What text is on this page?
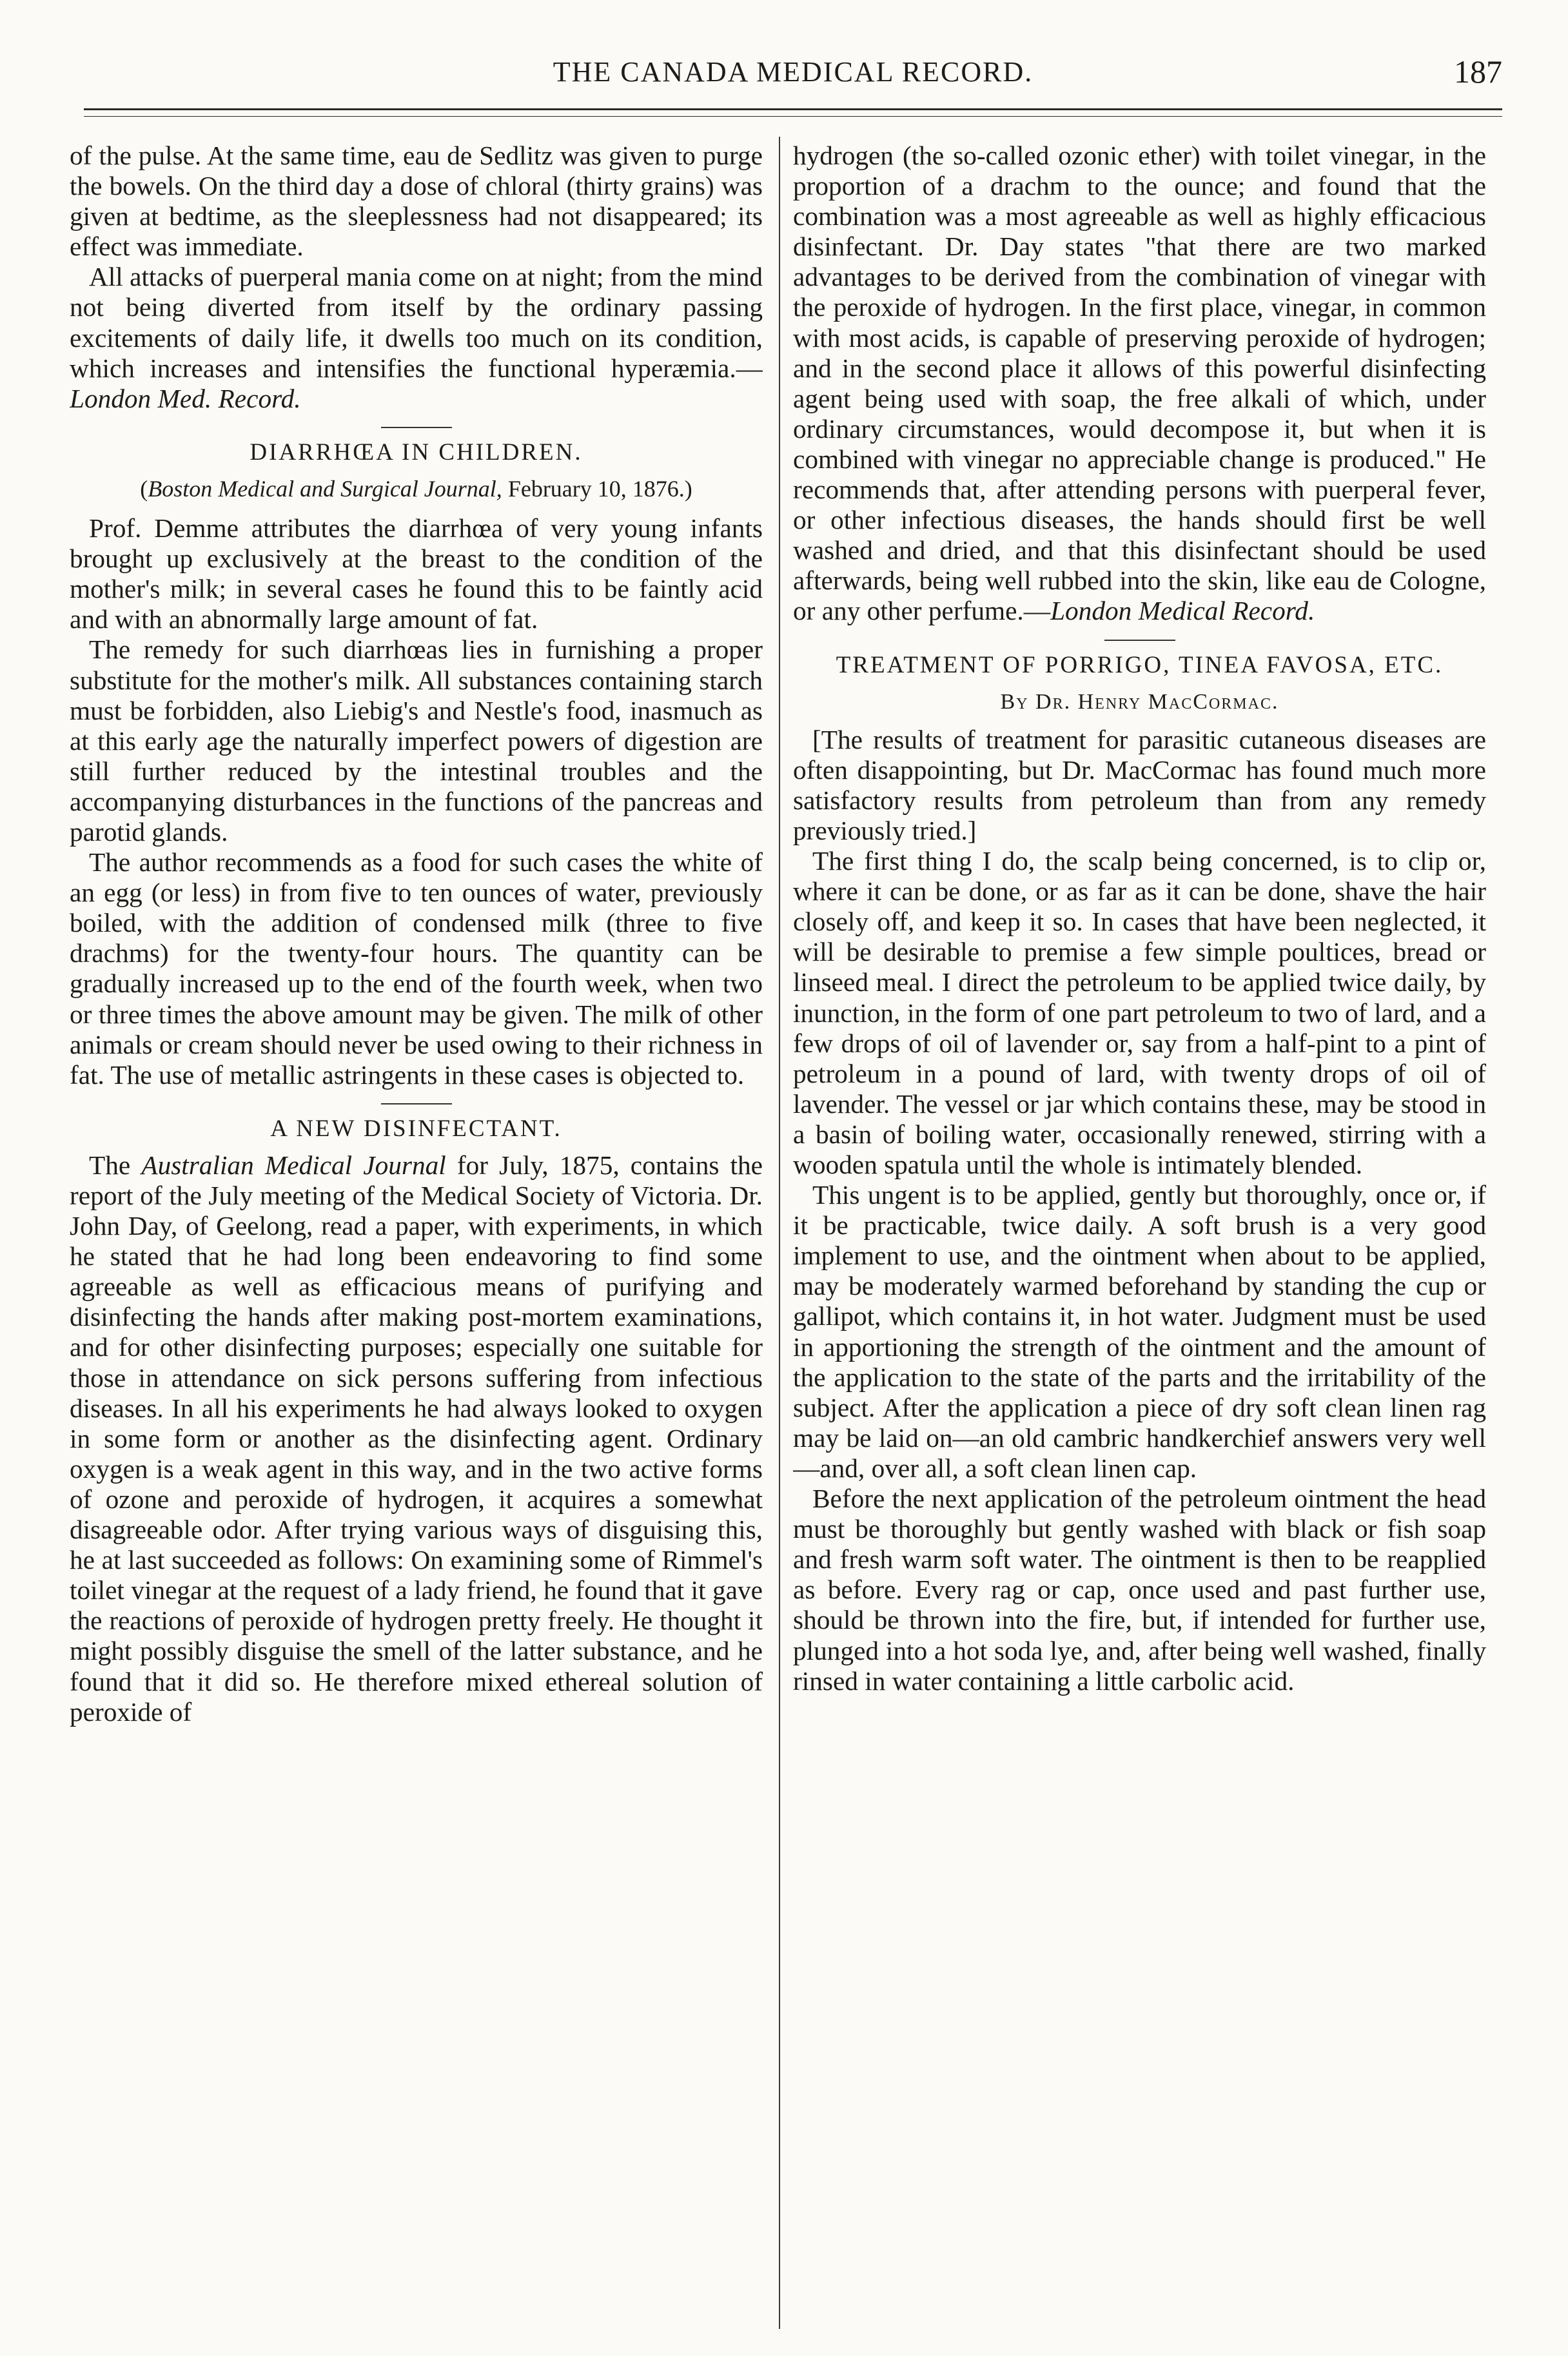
THE CANADA MEDICAL RECORD.	187

of the pulse. At the same time, eau de Sedlitz was given to purge the bowels. On the third day a dose of chloral (thirty grains) was given at bedtime, as the sleeplessness had not disappeared; its effect was immediate.

All attacks of puerperal mania come on at night; from the mind not being diverted from itself by the ordinary passing excitements of daily life, it dwells too much on its condition, which increases and intensifies the functional hyperæmia.—London Med. Record.

DIARRHŒA IN CHILDREN.
(Boston Medical and Surgical Journal, February 10, 1876.)

Prof. Demme attributes the diarrhœa of very young infants brought up exclusively at the breast to the condition of the mother's milk; in several cases he found this to be faintly acid and with an abnormally large amount of fat.

The remedy for such diarrhœas lies in furnishing a proper substitute for the mother's milk. All substances containing starch must be forbidden, also Liebig's and Nestle's food, inasmuch as at this early age the naturally imperfect powers of digestion are still further reduced by the intestinal troubles and the accompanying disturbances in the functions of the pancreas and parotid glands.

The author recommends as a food for such cases the white of an egg (or less) in from five to ten ounces of water, previously boiled, with the addition of condensed milk (three to five drachms) for the twenty-four hours. The quantity can be gradually increased up to the end of the fourth week, when two or three times the above amount may be given. The milk of other animals or cream should never be used owing to their richness in fat. The use of metallic astringents in these cases is objected to.

A NEW DISINFECTANT.

The Australian Medical Journal for July, 1875, contains the report of the July meeting of the Medical Society of Victoria. Dr. John Day, of Geelong, read a paper, with experiments, in which he stated that he had long been endeavoring to find some agreeable as well as efficacious means of purifying and disinfecting the hands after making post-mortem examinations, and for other disinfecting purposes; especially one suitable for those in attendance on sick persons suffering from infectious diseases. In all his experiments he had always looked to oxygen in some form or another as the disinfecting agent. Ordinary oxygen is a weak agent in this way, and in the two active forms of ozone and peroxide of hydrogen, it acquires a somewhat disagreeable odor. After trying various ways of disguising this, he at last succeeded as follows: On examining some of Rimmel's toilet vinegar at the request of a lady friend, he found that it gave the reactions of peroxide of hydrogen pretty freely. He thought it might possibly disguise the smell of the latter substance, and he found that it did so. He therefore mixed ethereal solution of peroxide of

hydrogen (the so-called ozonic ether) with toilet vinegar, in the proportion of a drachm to the ounce; and found that the combination was a most agreeable as well as highly efficacious disinfectant. Dr. Day states "that there are two marked advantages to be derived from the combination of vinegar with the peroxide of hydrogen. In the first place, vinegar, in common with most acids, is capable of preserving peroxide of hydrogen; and in the second place it allows of this powerful disinfecting agent being used with soap, the free alkali of which, under ordinary circumstances, would decompose it, but when it is combined with vinegar no appreciable change is produced." He recommends that, after attending persons with puerperal fever, or other infectious diseases, the hands should first be well washed and dried, and that this disinfectant should be used afterwards, being well rubbed into the skin, like eau de Cologne, or any other perfume.—London Medical Record.

TREATMENT OF PORRIGO, TINEA FAVOSA, ETC.
By Dr. Henry MacCormac.

[The results of treatment for parasitic cutaneous diseases are often disappointing, but Dr. MacCormac has found much more satisfactory results from petroleum than from any remedy previously tried.]

The first thing I do, the scalp being concerned, is to clip or, where it can be done, or as far as it can be done, shave the hair closely off, and keep it so. In cases that have been neglected, it will be desirable to premise a few simple poultices, bread or linseed meal. I direct the petroleum to be applied twice daily, by inunction, in the form of one part petroleum to two of lard, and a few drops of oil of lavender or, say from a half-pint to a pint of petroleum in a pound of lard, with twenty drops of oil of lavender. The vessel or jar which contains these, may be stood in a basin of boiling water, occasionally renewed, stirring with a wooden spatula until the whole is intimately blended.

This ungent is to be applied, gently but thoroughly, once or, if it be practicable, twice daily. A soft brush is a very good implement to use, and the ointment when about to be applied, may be moderately warmed beforehand by standing the cup or gallipot, which contains it, in hot water. Judgment must be used in apportioning the strength of the ointment and the amount of the application to the state of the parts and the irritability of the subject. After the application a piece of dry soft clean linen rag may be laid on—an old cambric handkerchief answers very well—and, over all, a soft clean linen cap.

Before the next application of the petroleum ointment the head must be thoroughly but gently washed with black or fish soap and fresh warm soft water. The ointment is then to be reapplied as before. Every rag or cap, once used and past further use, should be thrown into the fire, but, if intended for further use, plunged into a hot soda lye, and, after being well washed, finally rinsed in water containing a little carbolic acid.
